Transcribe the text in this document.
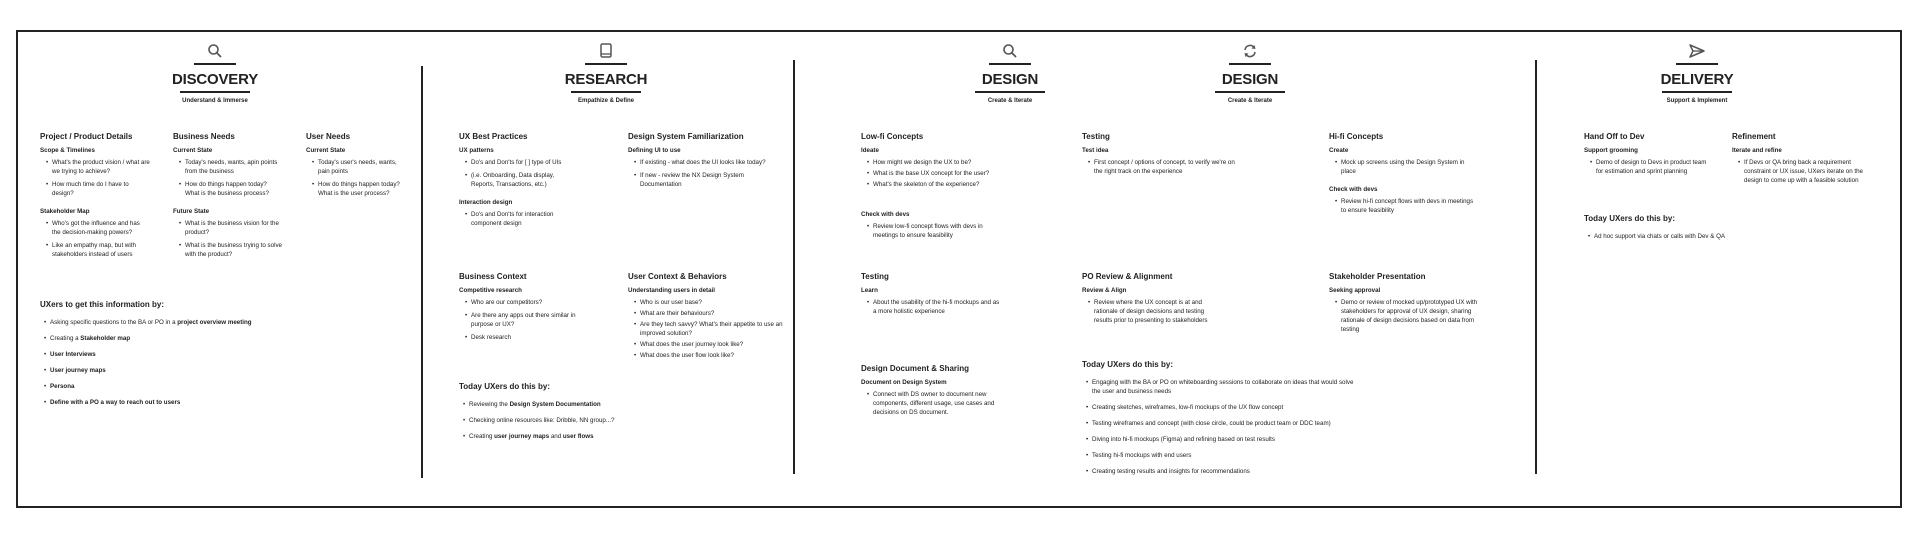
DISCOVERY
Understand & Immerse
RESEARCH
Empathize & Define
DESIGN
Create & Iterate
DESIGN
Create & Iterate
DELIVERY
Support & Implement
Project / Product Details
Scope & Timelines
• What's the product vision / what are we trying to achieve?
• How much time do I have to design?
Stakeholder Map
• Who's got the influence and has the decision-making powers?
• Like an empathy map, but with stakeholders instead of users
Business Needs
Current State
• Today's needs, wants, apin points from the business
• How do things happen today? What is the business process?
Future State
• What is the business vision for the product?
• What is the business trying to solve with the product?
User Needs
Current State
• Today's user's needs, wants, pain points
• How do things happen today? What is the user process?
UXers to get this information by:
• Asking specific questions to the BA or PO in a project overview meeting
• Creating a Stakeholder map
• User Interviews
• User journey maps
• Persona
• Define with a PO a way to reach out to users
UX Best Practices
UX patterns
• Do's and Don'ts for [ ] type of UIs
• (i.e. Onboarding, Data display, Reports, Transactions, etc.)
Interaction design
• Do's and Don'ts for interaction component design
Design System Familiarization
Defining UI to use
• If existing - what does the UI looks like today?
• If new - review the NX Design System Documentation
Business Context
Competitive research
• Who are our competitors?
• Are there any apps out there similar in purpose or UX?
• Desk research
User Context & Behaviors
Understanding users in detail
• Who is our user base?
• What are their behaviours?
• Are they tech savvy? What's their appetite to use an improved solution?
• What does the user journey look like?
• What does the user flow look like?
Today UXers do this by:
• Reviewing the Design System Documentation
• Checking online resources like: Dribble, NN group...?
• Creating user journey maps and user flows
Low-fi Concepts
Ideate
• How might we design the UX to be?
• What is the base UX concept for the user?
• What's the skeleton of the experience?
Check with devs
• Review low-fi concept flows with devs in meetings to ensure feasibility
Testing
Test idea
• First concept / options of concept, to verify we're on the right track on the experience
Hi-fi Concepts
Create
• Mock up screens using the Design System in place
Check with devs
• Review hi-fi concept flows with devs in meetings to ensure feasibility
Testing
Learn
• About the usability of the hi-fi mockups and as a more holistic experience
PO Review & Alignment
Review & Align
• Review where the UX concept is at and rationale of design decisions and testing results prior to presenting to stakeholders
Stakeholder Presentation
Seeking approval
• Demo or review of mocked up/prototyped UX with stakeholders for approval of UX design, sharing rationale of design decisions based on data from testing
Design Document & Sharing
Document on Design System
• Connect with DS owner to document new components, different usage, use cases and decisions on DS document.
Today UXers do this by:
• Engaging with the BA or PO on whiteboarding sessions to collaborate on ideas that would solve the user and business needs
• Creating sketches, wireframes, low-fi mockups of the UX flow concept
• Testing wireframes and concept (with close circle, could be product team or DDC team)
• Diving into hi-fi mockups (Figma) and refining based on test results
• Testing hi-fi mockups with end users
• Creating testing results and insights for recommendations
Hand Off to Dev
Support grooming
• Demo of design to Devs in product team for estimation and sprint planning
Refinement
Iterate and refine
• If Devs or QA bring back a requirement constraint or UX issue, UXers iterate on the design to come up with a feasible solution
Today UXers do this by:
• Ad hoc support via chats or calls with Dev & QA
